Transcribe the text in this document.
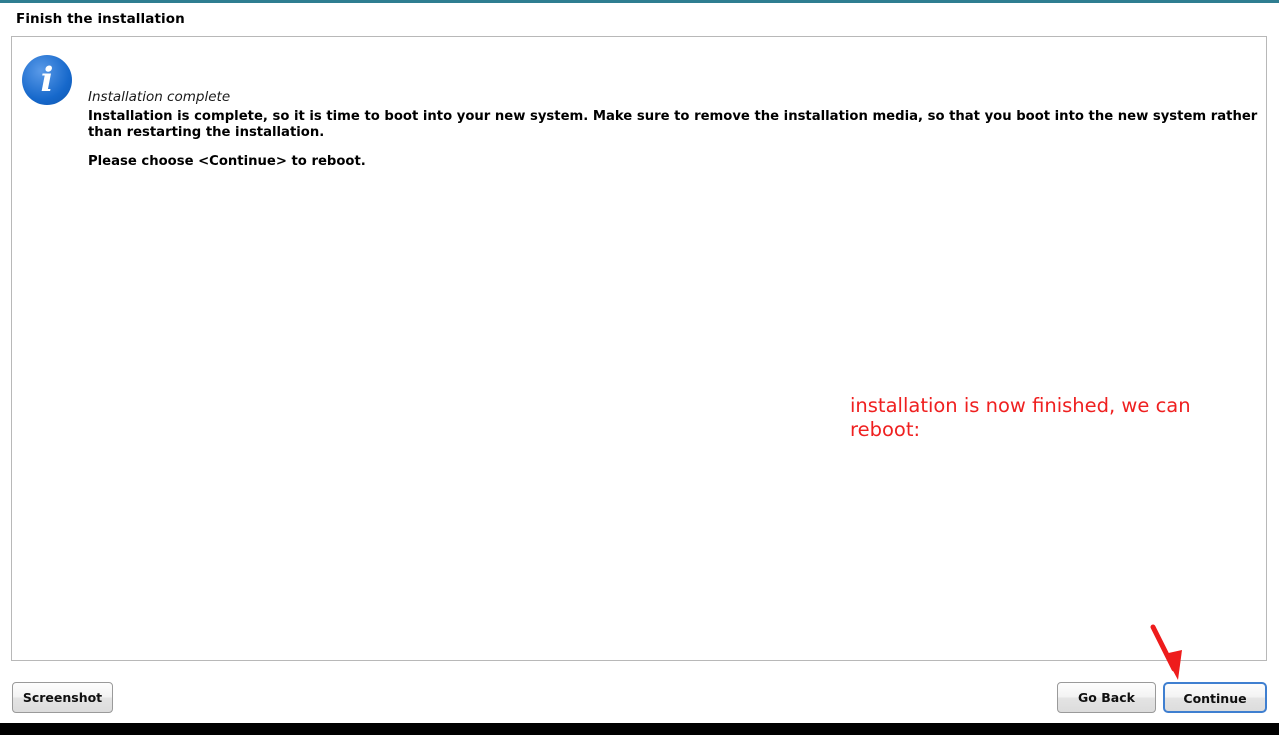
Finish the installation
i	Installation complete
Installation is complete, so it is time to boot into your new system. Make sure to remove the installation media, so that you boot into the new system rather than restarting the installation.
Please choose <Continue> to reboot.
installation is now finished, we can reboot:
Screenshot	Go Back	Continue
